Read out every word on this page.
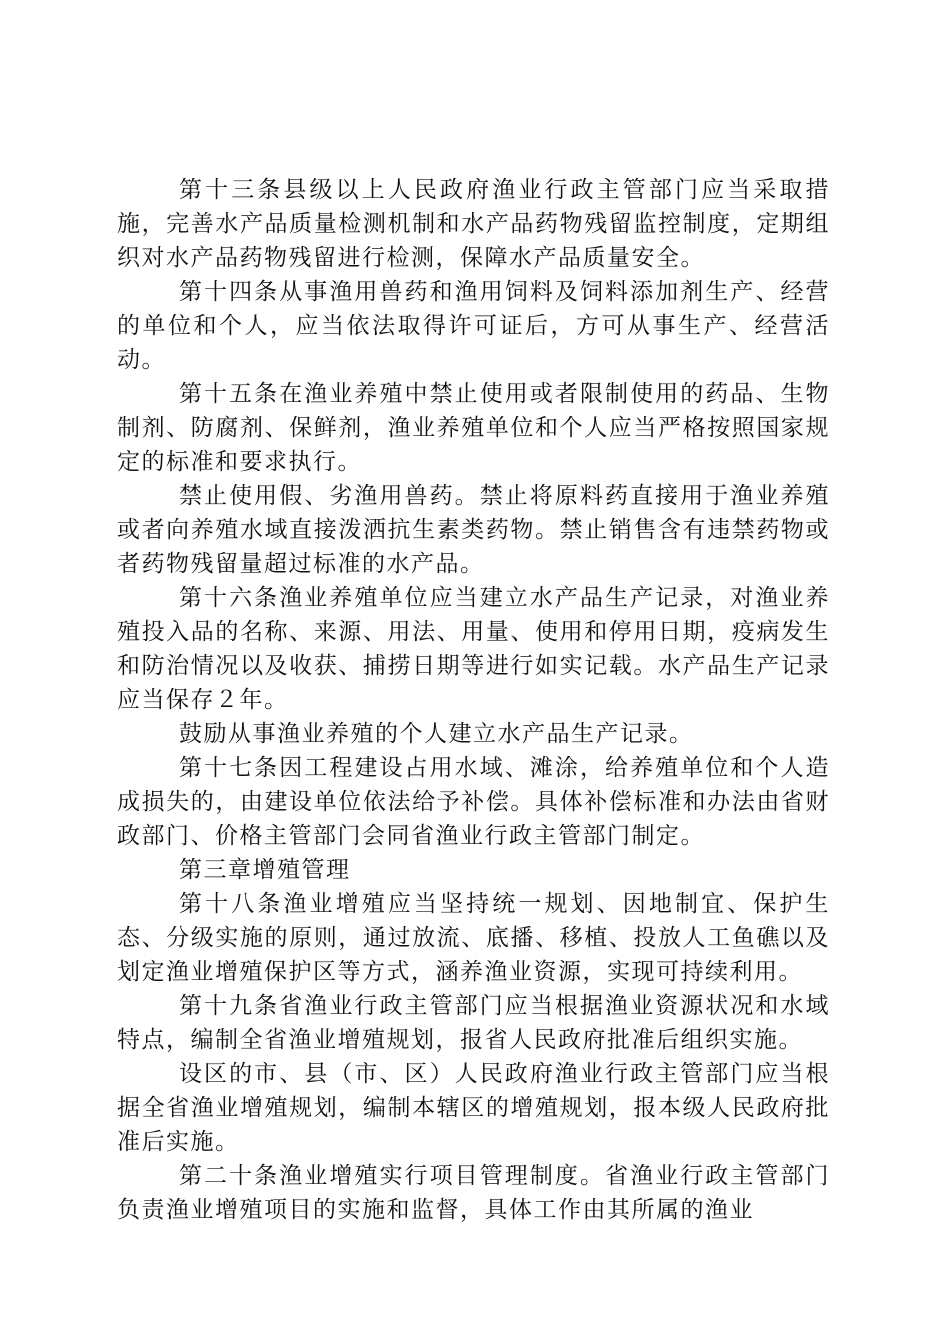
第十三条县级以上人民政府渔业行政主管部门应当采取措施，完善水产品质量检测机制和水产品药物残留监控制度，定期组织对水产品药物残留进行检测，保障水产品质量安全。

第十四条从事渔用兽药和渔用饲料及饲料添加剂生产、经营的单位和个人，应当依法取得许可证后，方可从事生产、经营活动。

第十五条在渔业养殖中禁止使用或者限制使用的药品、生物制剂、防腐剂、保鲜剂，渔业养殖单位和个人应当严格按照国家规定的标准和要求执行。

禁止使用假、劣渔用兽药。禁止将原料药直接用于渔业养殖或者向养殖水域直接泼洒抗生素类药物。禁止销售含有违禁药物或者药物残留量超过标准的水产品。

第十六条渔业养殖单位应当建立水产品生产记录，对渔业养殖投入品的名称、来源、用法、用量、使用和停用日期，疫病发生和防治情况以及收获、捕捞日期等进行如实记载。水产品生产记录应当保存２年。

鼓励从事渔业养殖的个人建立水产品生产记录。

第十七条因工程建设占用水域、滩涂，给养殖单位和个人造成损失的，由建设单位依法给予补偿。具体补偿标准和办法由省财政部门、价格主管部门会同省渔业行政主管部门制定。

第三章增殖管理

第十八条渔业增殖应当坚持统一规划、因地制宜、保护生态、分级实施的原则，通过放流、底播、移植、投放人工鱼礁以及划定渔业增殖保护区等方式，涵养渔业资源，实现可持续利用。

第十九条省渔业行政主管部门应当根据渔业资源状况和水域特点，编制全省渔业增殖规划，报省人民政府批准后组织实施。

设区的市、县（市、区）人民政府渔业行政主管部门应当根据全省渔业增殖规划，编制本辖区的增殖规划，报本级人民政府批准后实施。

第二十条渔业增殖实行项目管理制度。省渔业行政主管部门负责渔业增殖项目的实施和监督，具体工作由其所属的渔业
